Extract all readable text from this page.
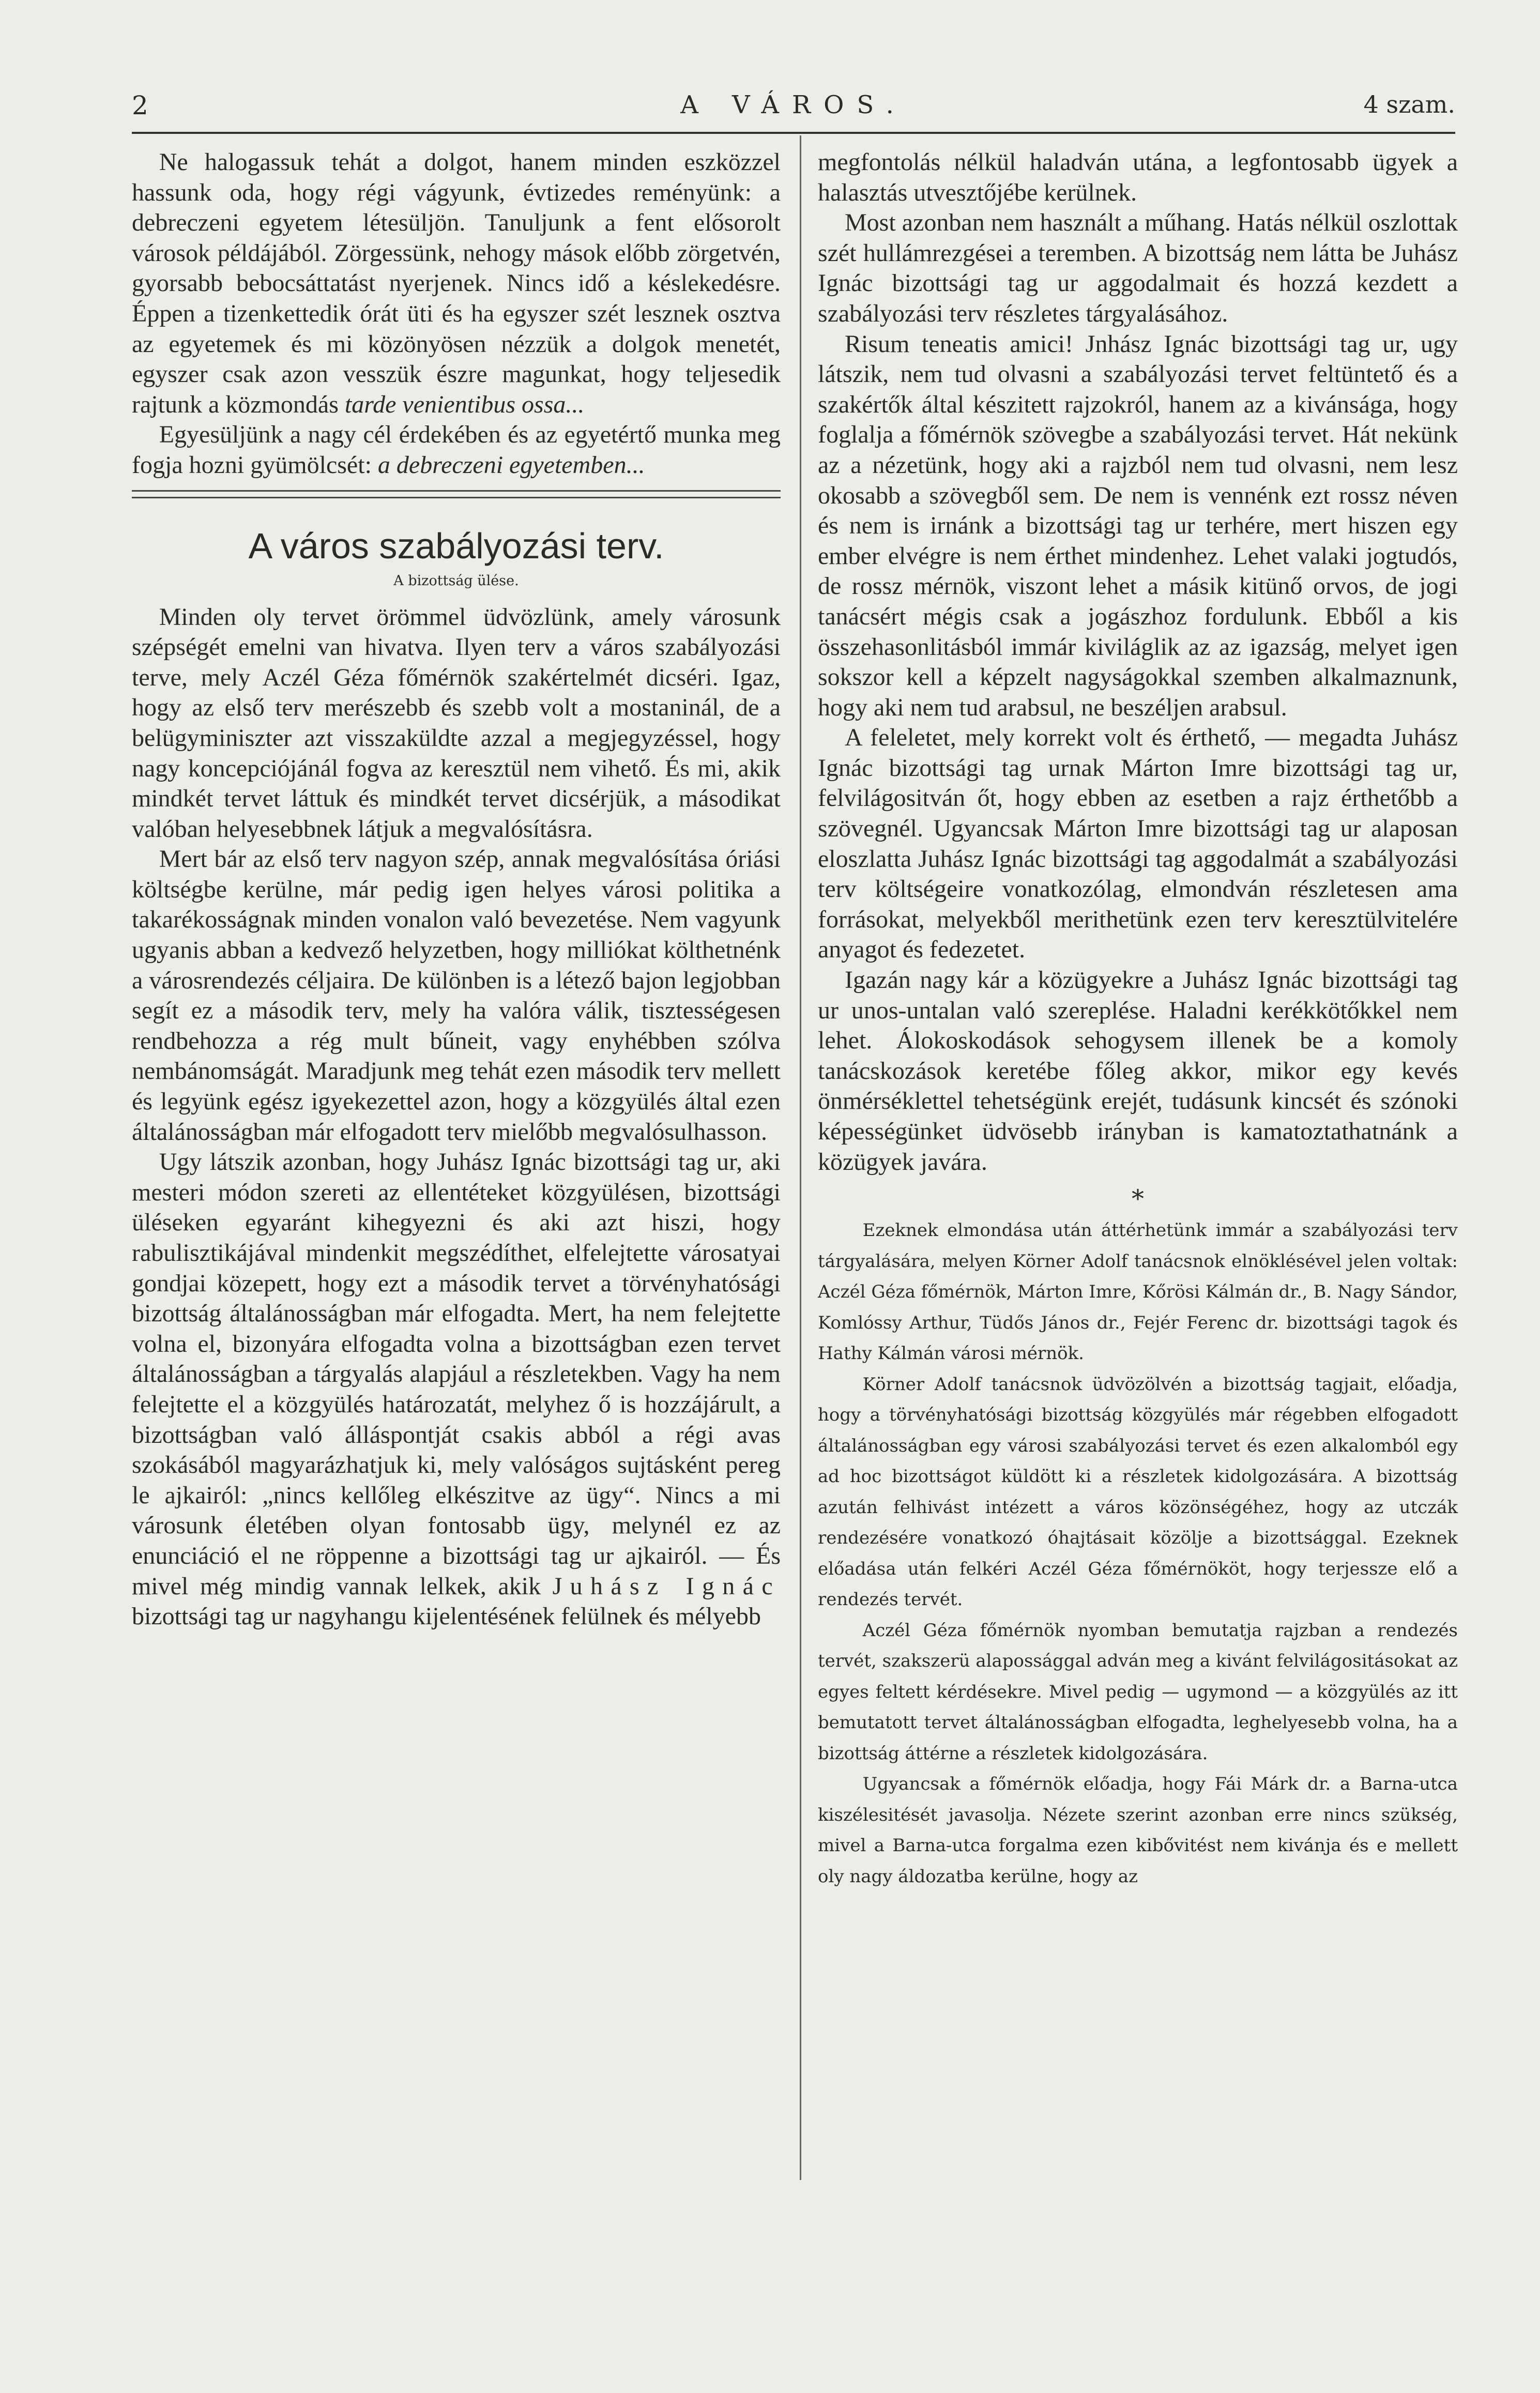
2	A VÁROS.	4 szam.

Ne halogassuk tehát a dolgot, hanem minden eszközzel hassunk oda, hogy régi vágyunk, évtizedes reményünk: a debreczeni egyetem létesüljön. Tanuljunk a fent elősorolt városok példájából. Zörgessünk, nehogy mások előbb zörgetvén, gyorsabb bebocsáttatást nyerjenek. Nincs idő a késlekedésre. Éppen a tizenkettedik órát üti és ha egyszer szét lesznek osztva az egyetemek és mi közönyösen nézzük a dolgok menetét, egyszer csak azon vesszük észre magunkat, hogy teljesedik rajtunk a közmondás tarde venientibus ossa...

Egyesüljünk a nagy cél érdekében és az egyetértő munka meg fogja hozni gyümölcsét: a debreczeni egyetemben...

A város szabályozási terv.
A bizottság ülése.

Minden oly tervet örömmel üdvözlünk, amely városunk szépségét emelni van hivatva. Ilyen terv a város szabályozási terve, mely Aczél Géza főmérnök szakértelmét dicséri. Igaz, hogy az első terv merészebb és szebb volt a mostaninál, de a belügyminiszter azt visszaküldte azzal a megjegyzéssel, hogy nagy koncepciójánál fogva az keresztül nem vihető. És mi, akik mindkét tervet láttuk és mindkét tervet dicsérjük, a másodikat valóban helyesebbnek látjuk a megvalósításra.

Mert bár az első terv nagyon szép, annak megvalósítása óriási költségbe kerülne, már pedig igen helyes városi politika a takarékosságnak minden vonalon való bevezetése. Nem vagyunk ugyanis abban a kedvező helyzetben, hogy milliókat költhetnénk a városrendezés céljaira. De különben is a létező bajon legjobban segít ez a második terv, mely ha valóra válik, tisztességesen rendbehozza a rég mult bűneit, vagy enyhébben szólva nembánomságát. Maradjunk meg tehát ezen második terv mellett és legyünk egész igyekezettel azon, hogy a közgyülés által ezen általánosságban már elfogadott terv mielőbb megvalósulhasson.

Ugy látszik azonban, hogy Juhász Ignác bizottsági tag ur, aki mesteri módon szereti az ellentéteket közgyülésen, bizottsági üléseken egyaránt kihegyezni és aki azt hiszi, hogy rabulisztikájával mindenkit megszédíthet, elfelejtette városatyai gondjai közepett, hogy ezt a második tervet a törvényhatósági bizottság általánosságban már elfogadta. Mert, ha nem felejtette volna el, bizonyára elfogadta volna a bizottságban ezen tervet általánosságban a tárgyalás alapjául a részletekben. Vagy ha nem felejtette el a közgyülés határozatát, melyhez ő is hozzájárult, a bizottságban való álláspontját csakis abból a régi avas szokásából magyarázhatjuk ki, mely valóságos sujtásként pereg le ajkairól: „nincs kellőleg elkészitve az ügy“. Nincs a mi városunk életében olyan fontosabb ügy, melynél ez az enunciáció el ne röppenne a bizottsági tag ur ajkairól. — És mivel még mindig vannak lelkek, akik Juhász Ignác bizottsági tag ur nagyhangu kijelentésének felülnek és mélyebb

megfontolás nélkül haladván utána, a legfontosabb ügyek a halasztás utvesztőjébe kerülnek.

Most azonban nem használt a műhang. Hatás nélkül oszlottak szét hullámrezgései a teremben. A bizottság nem látta be Juhász Ignác bizottsági tag ur aggodalmait és hozzá kezdett a szabályozási terv részletes tárgyalásához.

Risum teneatis amici! Jnhász Ignác bizottsági tag ur, ugy látszik, nem tud olvasni a szabályozási tervet feltüntető és a szakértők által készitett rajzokról, hanem az a kivánsága, hogy foglalja a főmérnök szövegbe a szabályozási tervet. Hát nekünk az a nézetünk, hogy aki a rajzból nem tud olvasni, nem lesz okosabb a szövegből sem. De nem is vennénk ezt rossz néven és nem is irnánk a bizottsági tag ur terhére, mert hiszen egy ember elvégre is nem érthet mindenhez. Lehet valaki jogtudós, de rossz mérnök, viszont lehet a másik kitünő orvos, de jogi tanácsért mégis csak a jogászhoz fordulunk. Ebből a kis összehasonlitásból immár kiviláglik az az igazság, melyet igen sokszor kell a képzelt nagyságokkal szemben alkalmaznunk, hogy aki nem tud arabsul, ne beszéljen arabsul.

A feleletet, mely korrekt volt és érthető, — megadta Juhász Ignác bizottsági tag urnak Márton Imre bizottsági tag ur, felvilágositván őt, hogy ebben az esetben a rajz érthetőbb a szövegnél. Ugyancsak Márton Imre bizottsági tag ur alaposan eloszlatta Juhász Ignác bizottsági tag aggodalmát a szabályozási terv költségeire vonatkozólag, elmondván részletesen ama forrásokat, melyekből merithetünk ezen terv keresztülvitelére anyagot és fedezetet.

Igazán nagy kár a közügyekre a Juhász Ignác bizottsági tag ur unos-untalan való szereplése. Haladni kerékkötőkkel nem lehet. Álokoskodások sehogysem illenek be a komoly tanácskozások keretébe főleg akkor, mikor egy kevés önmérséklettel tehetségünk erejét, tudásunk kincsét és szónoki képességünket üdvösebb irányban is kamatoztathatnánk a közügyek javára.

*

Ezeknek elmondása után áttérhetünk immár a szabályozási terv tárgyalására, melyen Körner Adolf tanácsnok elnöklésével jelen voltak: Aczél Géza főmérnök, Márton Imre, Kőrösi Kálmán dr., B. Nagy Sándor, Komlóssy Arthur, Tüdős János dr., Fejér Ferenc dr. bizottsági tagok és Hathy Kálmán városi mérnök.

Körner Adolf tanácsnok üdvözölvén a bizottság tagjait, előadja, hogy a törvényhatósági bizottság közgyülés már régebben elfogadott általánosságban egy városi szabályozási tervet és ezen alkalomból egy ad hoc bizottságot küldött ki a részletek kidolgozására. A bizottság azután felhivást intézett a város közönségéhez, hogy az utczák rendezésére vonatkozó óhajtásait közölje a bizottsággal. Ezeknek előadása után felkéri Aczél Géza főmérnököt, hogy terjessze elő a rendezés tervét.

Aczél Géza főmérnök nyomban bemutatja rajzban a rendezés tervét, szakszerü alapossággal adván meg a kivánt felvilágositásokat az egyes feltett kérdésekre. Mivel pedig — ugymond — a közgyülés az itt bemutatott tervet általánosságban elfogadta, leghelyesebb volna, ha a bizottság áttérne a részletek kidolgozására.

Ugyancsak a főmérnök előadja, hogy Fái Márk dr. a Barna-utca kiszélesitését javasolja. Nézete szerint azonban erre nincs szükség, mivel a Barna-utca forgalma ezen kibővitést nem kivánja és e mellett oly nagy áldozatba kerülne, hogy az
